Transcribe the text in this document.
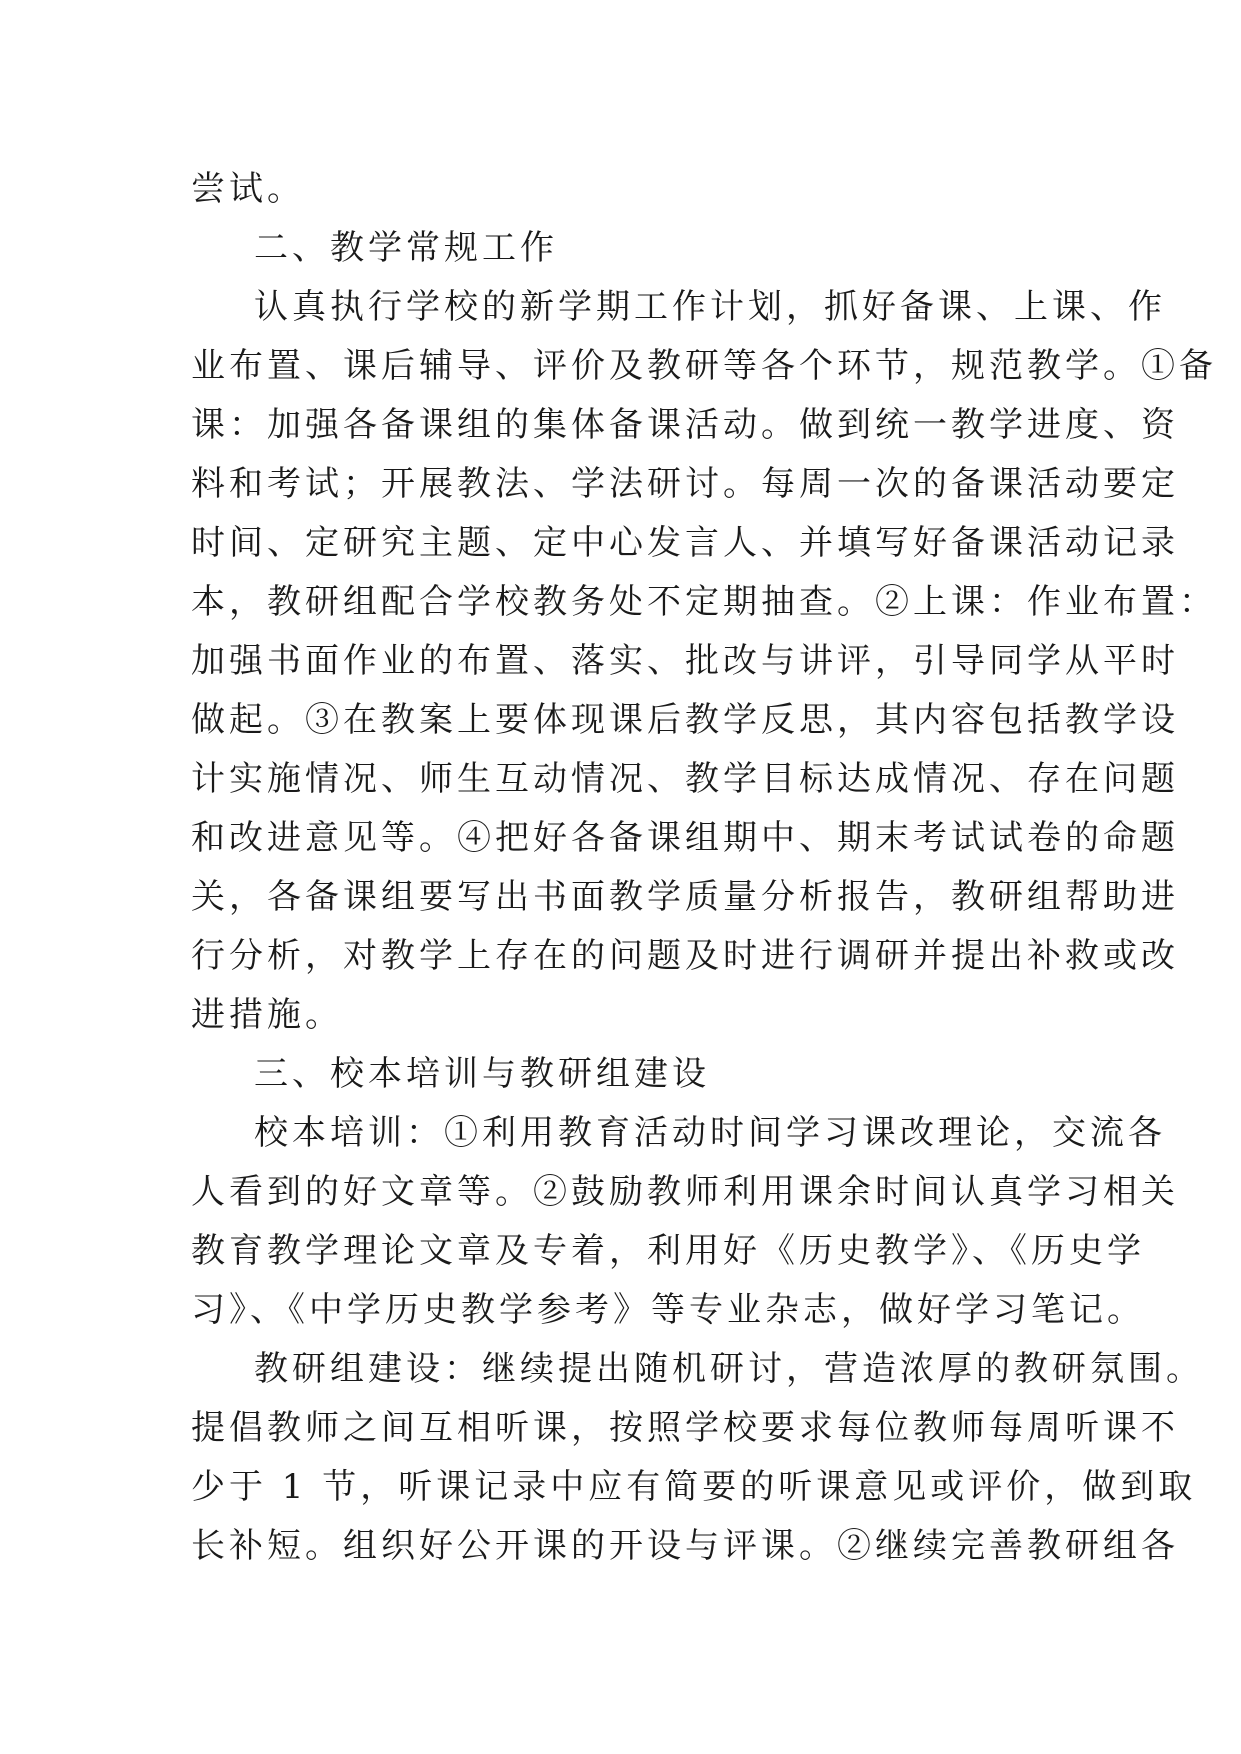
尝试。
二、教学常规工作
认真执行学校的新学期工作计划，抓好备课、上课、作
业布置、课后辅导、评价及教研等各个环节，规范教学。①备
课：加强各备课组的集体备课活动。做到统一教学进度、资
料和考试；开展教法、学法研讨。每周一次的备课活动要定
时间、定研究主题、定中心发言人、并填写好备课活动记录
本，教研组配合学校教务处不定期抽查。②上课：作业布置：
加强书面作业的布置、落实、批改与讲评，引导同学从平时
做起。③在教案上要体现课后教学反思，其内容包括教学设
计实施情况、师生互动情况、教学目标达成情况、存在问题
和改进意见等。④把好各备课组期中、期末考试试卷的命题
关，各备课组要写出书面教学质量分析报告，教研组帮助进
行分析，对教学上存在的问题及时进行调研并提出补救或改
进措施。
三、校本培训与教研组建设
校本培训：①利用教育活动时间学习课改理论，交流各
人看到的好文章等。②鼓励教师利用课余时间认真学习相关
教育教学理论文章及专着，利用好《历史教学》、《历史学
习》、《中学历史教学参考》等专业杂志，做好学习笔记。
教研组建设：继续提出随机研讨，营造浓厚的教研氛围。
提倡教师之间互相听课，按照学校要求每位教师每周听课不
少于 1 节，听课记录中应有简要的听课意见或评价，做到取
长补短。组织好公开课的开设与评课。②继续完善教研组各
